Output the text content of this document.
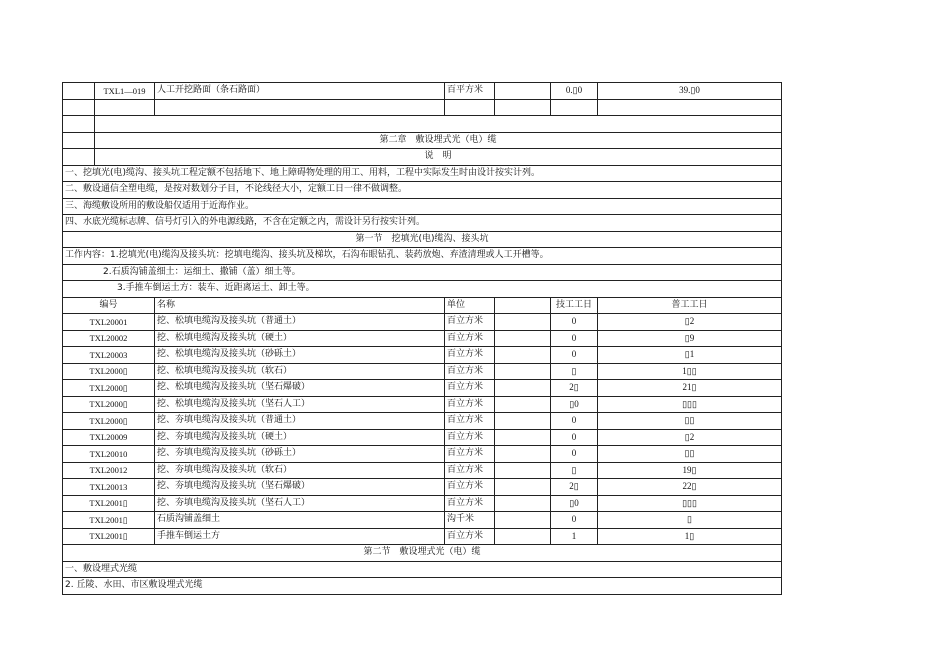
	TXL1—019	人工开挖路面（条石路面）	百平方米		0.▯0	39.▯0

	第二章　敷设埋式光（电）缆					
	说　明					
一、挖填光(电)缆沟、接头坑工程定额不包括地下、地上障碍物处理的用工、用料，工程中实际发生时由设计按实计列。						
二、敷设通信全塑电缆，是按对数划分子目，不论线径大小，定额工日一律不做调整。						
三、海缆敷设所用的敷设船仅适用于近海作业。						
四、水底光缆标志牌、信号灯引入的外电源线路，不含在定额之内，需设计另行按实计列。						
第一节　挖填光(电)缆沟、接头坑						
工作内容：1.挖填光(电)缆沟及接头坑：挖填电缆沟、接头坑及梯坎，石沟布眼钻孔、装药放炮、弃渣清理或人工开槽等。						
2.石质沟铺盖细土：运细土、撒铺（盖）细土等。						
3.手推车倒运土方：装车、近距离运土、卸土等。						
编号		名称	单位		技工工日	普工工日
TXL20001		挖、松填电缆沟及接头坑（普通土）	百立方米		0	▯2
TXL20002		挖、松填电缆沟及接头坑（硬土）	百立方米		0	▯9
TXL20003		挖、松填电缆沟及接头坑（砂砾土）	百立方米		0	▯1
TXL2000▯		挖、松填电缆沟及接头坑（软石）	百立方米		▯	1▯▯
TXL2000▯		挖、松填电缆沟及接头坑（坚石爆破）	百立方米		2▯	21▯
TXL2000▯		挖、松填电缆沟及接头坑（坚石人工）	百立方米		▯0	▯▯▯
TXL2000▯		挖、夯填电缆沟及接头坑（普通土）	百立方米		0	▯▯
TXL20009		挖、夯填电缆沟及接头坑（硬土）	百立方米		0	▯2
TXL20010		挖、夯填电缆沟及接头坑（砂砾土）	百立方米		0	▯▯
TXL20012		挖、夯填电缆沟及接头坑（软石）	百立方米		▯	19▯
TXL20013		挖、夯填电缆沟及接头坑（坚石爆破）	百立方米		2▯	22▯
TXL2001▯		挖、夯填电缆沟及接头坑（坚石人工）	百立方米		▯0	▯▯▯
TXL2001▯		石质沟铺盖细土	沟千米		0	▯
TXL2001▯		手推车倒运土方	百立方米		1	1▯
第二节　敷设埋式光（电）缆						
一、敷设埋式光缆						
2. 丘陵、水田、市区敷设埋式光缆						
